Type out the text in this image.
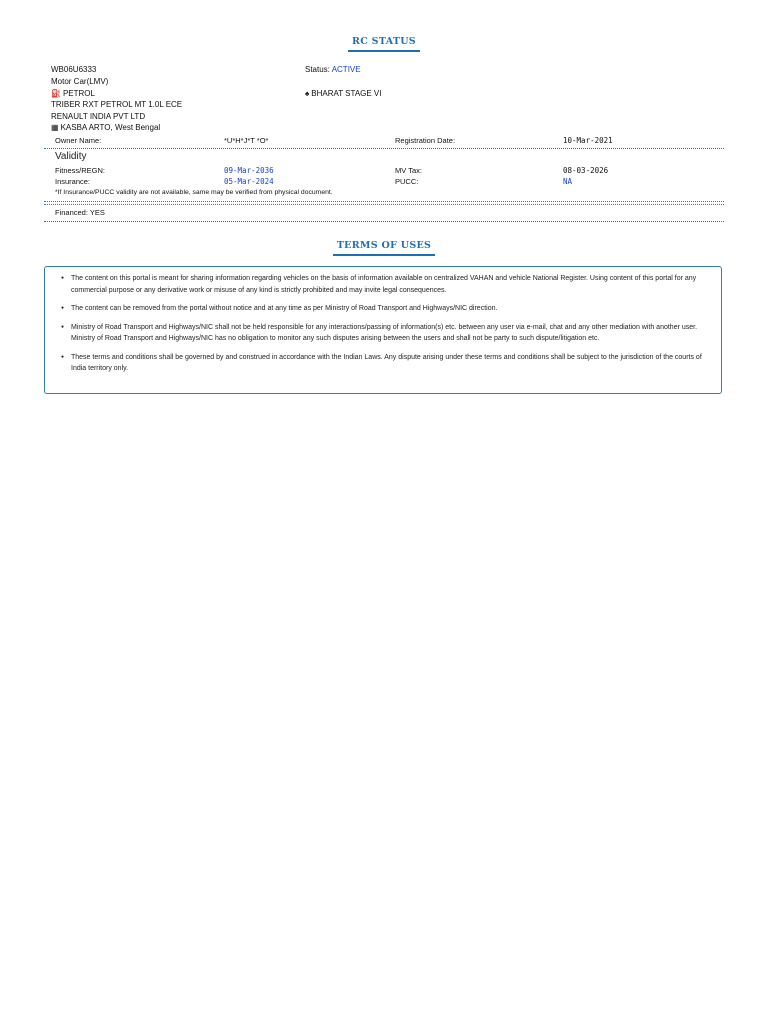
RC STATUS
WB06U6333
Motor Car(LMV)
⛽ PETROL
TRIBER RXT PETROL MT 1.0L ECE
RENAULT INDIA PVT LTD
▦ KASBA ARTO, West Bengal
Status: ACTIVE
♠ BHARAT STAGE VI
Owner Name:	*U*H*J*T *O*	Registration Date:	10-Mar-2021
Validity
Fitness/REGN:	09-Mar-2036	MV Tax:	08-03-2026
Insurance:	05-Mar-2024	PUCC:	NA
*If Insurance/PUCC validity are not available, same may be verified from physical document.
Financed: YES
TERMS OF USES
● The content on this portal is meant for sharing information regarding vehicles on the basis of information available on centralized VAHAN and vehicle National Register. Using content of this portal for any commercial purpose or any derivative work or misuse of any kind is strictly prohibited and may invite legal consequences.
● The content can be removed from the portal without notice and at any time as per Ministry of Road Transport and Highways/NIC direction.
● Ministry of Road Transport and Highways/NIC shall not be held responsible for any interactions/passing of information(s) etc. between any user via e-mail, chat and any other mediation with another user. Ministry of Road Transport and Highways/NIC has no obligation to monitor any such disputes arising between the users and shall not be party to such dispute/litigation etc.
● These terms and conditions shall be governed by and construed in accordance with the Indian Laws. Any dispute arising under these terms and conditions shall be subject to the jurisdiction of the courts of India territory only.
